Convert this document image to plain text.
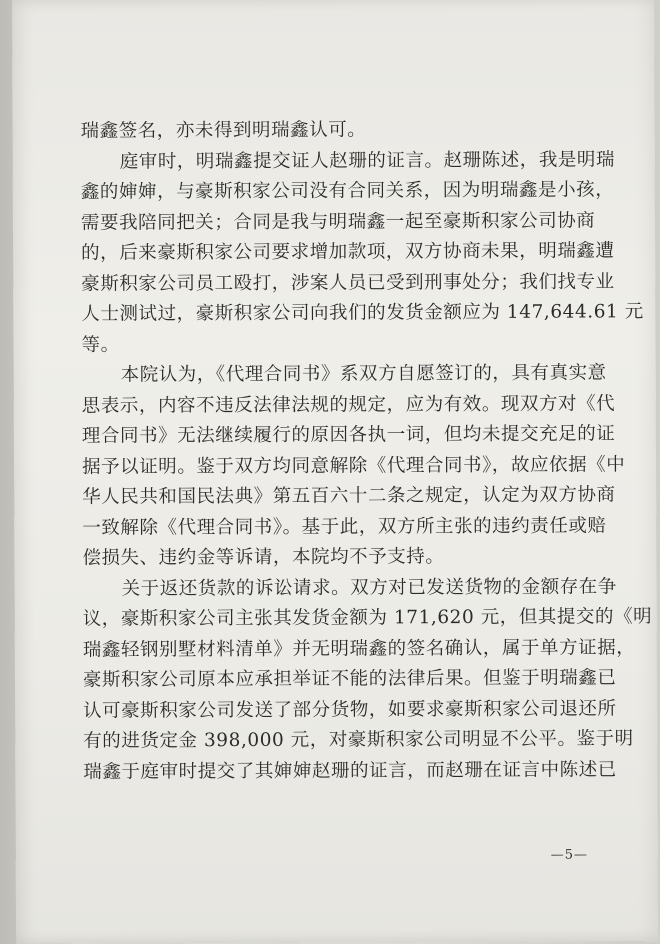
瑞鑫签名，亦未得到明瑞鑫认可。
庭审时，明瑞鑫提交证人赵珊的证言。赵珊陈述，我是明瑞
鑫的婶婶，与豪斯积家公司没有合同关系，因为明瑞鑫是小孩，
需要我陪同把关；合同是我与明瑞鑫一起至豪斯积家公司协商
的，后来豪斯积家公司要求增加款项，双方协商未果，明瑞鑫遭
豪斯积家公司员工殴打，涉案人员已受到刑事处分；我们找专业
人士测试过，豪斯积家公司向我们的发货金额应为 147,644.61 元
等。
本院认为，《代理合同书》系双方自愿签订的，具有真实意
思表示，内容不违反法律法规的规定，应为有效。现双方对《代
理合同书》无法继续履行的原因各执一词，但均未提交充足的证
据予以证明。鉴于双方均同意解除《代理合同书》，故应依据《中
华人民共和国民法典》第五百六十二条之规定，认定为双方协商
一致解除《代理合同书》。基于此，双方所主张的违约责任或赔
偿损失、违约金等诉请，本院均不予支持。
关于返还货款的诉讼请求。双方对已发送货物的金额存在争
议，豪斯积家公司主张其发货金额为 171,620 元，但其提交的《明
瑞鑫轻钢别墅材料清单》并无明瑞鑫的签名确认，属于单方证据，
豪斯积家公司原本应承担举证不能的法律后果。但鉴于明瑞鑫已
认可豪斯积家公司发送了部分货物，如要求豪斯积家公司退还所
有的进货定金 398,000 元，对豪斯积家公司明显不公平。鉴于明
瑞鑫于庭审时提交了其婶婶赵珊的证言，而赵珊在证言中陈述已
—5—
